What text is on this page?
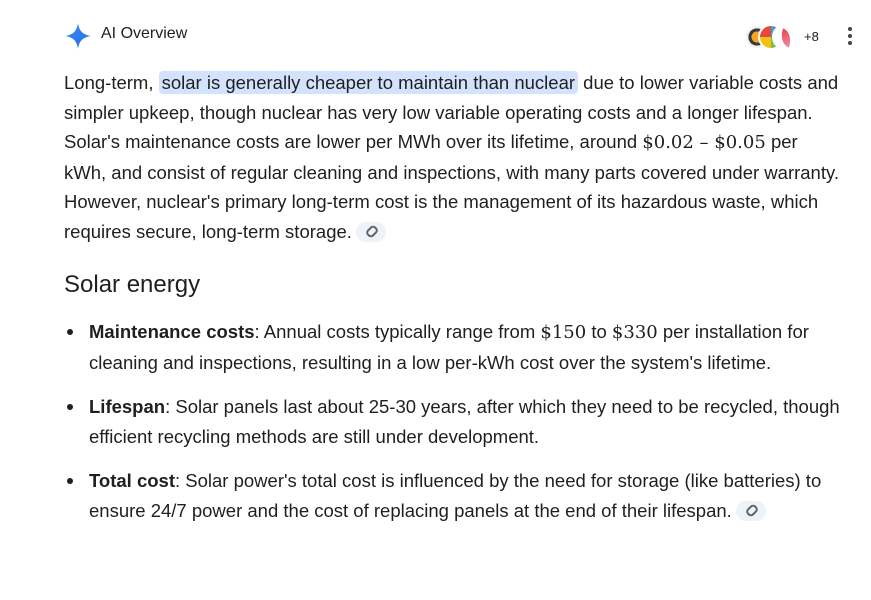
AI Overview	+8

Long-term, solar is generally cheaper to maintain than nuclear due to lower variable costs and simpler upkeep, though nuclear has very low variable operating costs and a longer lifespan. Solar's maintenance costs are lower per MWh over its lifetime, around $0.02 – $0.05 per kWh, and consist of regular cleaning and inspections, with many parts covered under warranty. However, nuclear's primary long-term cost is the management of its hazardous waste, which requires secure, long-term storage.

Solar energy
Maintenance costs: Annual costs typically range from $150 to $330 per installation for cleaning and inspections, resulting in a low per-kWh cost over the system's lifetime.
Lifespan: Solar panels last about 25-30 years, after which they need to be recycled, though efficient recycling methods are still under development.
Total cost: Solar power's total cost is influenced by the need for storage (like batteries) to ensure 24/7 power and the cost of replacing panels at the end of their lifespan.
